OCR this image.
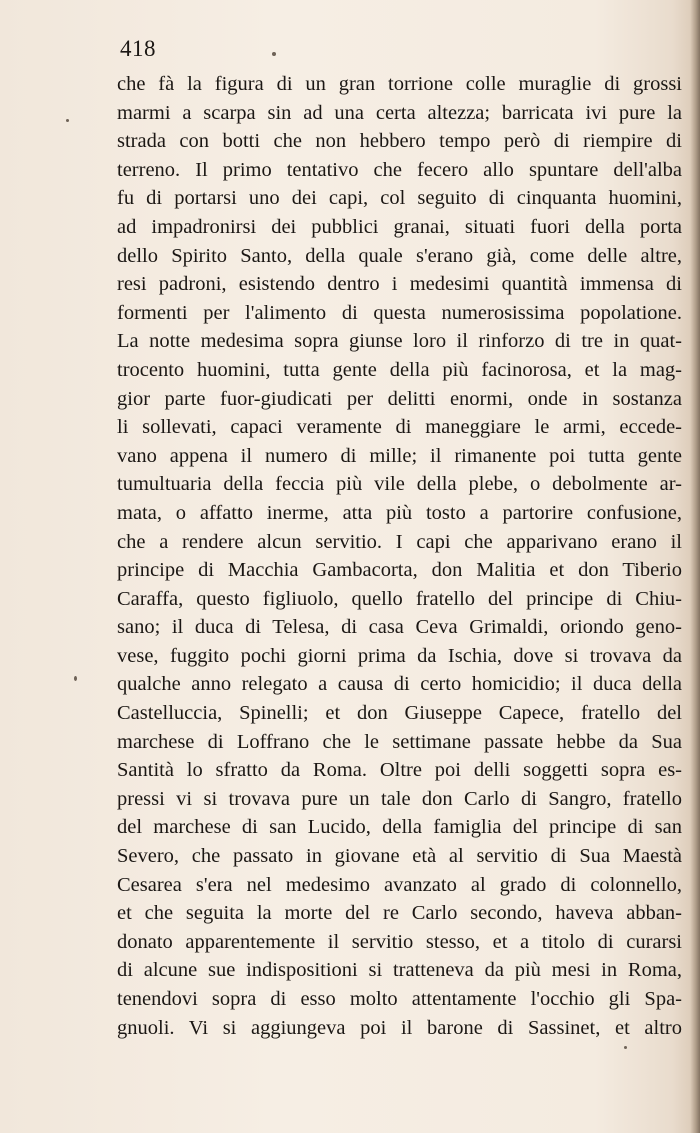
418
che fà la figura di un gran torrione colle muraglie di grossi
marmi a scarpa sin ad una certa altezza; barricata ivi pure la
strada con botti che non hebbero tempo però di riempire di
terreno. Il primo tentativo che fecero allo spuntare dell'alba
fu di portarsi uno dei capi, col seguito di cinquanta huomini,
ad impadronirsi dei pubblici granai, situati fuori della porta
dello Spirito Santo, della quale s'erano già, come delle altre,
resi padroni, esistendo dentro i medesimi quantità immensa di
formenti per l'alimento di questa numerosissima popolatione.
La notte medesima sopra giunse loro il rinforzo di tre in quat-
trocento huomini, tutta gente della più facinorosa, et la mag-
gior parte fuor-giudicati per delitti enormi, onde in sostanza
li sollevati, capaci veramente di maneggiare le armi, eccede-
vano appena il numero di mille; il rimanente poi tutta gente
tumultuaria della feccia più vile della plebe, o debolmente ar-
mata, o affatto inerme, atta più tosto a partorire confusione,
che a rendere alcun servitio. I capi che apparivano erano il
principe di Macchia Gambacorta, don Malitia et don Tiberio
Caraffa, questo figliuolo, quello fratello del principe di Chiu-
sano; il duca di Telesa, di casa Ceva Grimaldi, oriondo geno-
vese, fuggito pochi giorni prima da Ischia, dove si trovava da
qualche anno relegato a causa di certo homicidio; il duca della
Castelluccia, Spinelli; et don Giuseppe Capece, fratello del
marchese di Loffrano che le settimane passate hebbe da Sua
Santità lo sfratto da Roma. Oltre poi delli soggetti sopra es-
pressi vi si trovava pure un tale don Carlo di Sangro, fratello
del marchese di san Lucido, della famiglia del principe di san
Severo, che passato in giovane età al servitio di Sua Maestà
Cesarea s'era nel medesimo avanzato al grado di colonnello,
et che seguita la morte del re Carlo secondo, haveva abban-
donato apparentemente il servitio stesso, et a titolo di curarsi
di alcune sue indispositioni si tratteneva da più mesi in Roma,
tenendovi sopra di esso molto attentamente l'occhio gli Spa-
gnuoli. Vi si aggiungeva poi il barone di Sassinet, et altro
